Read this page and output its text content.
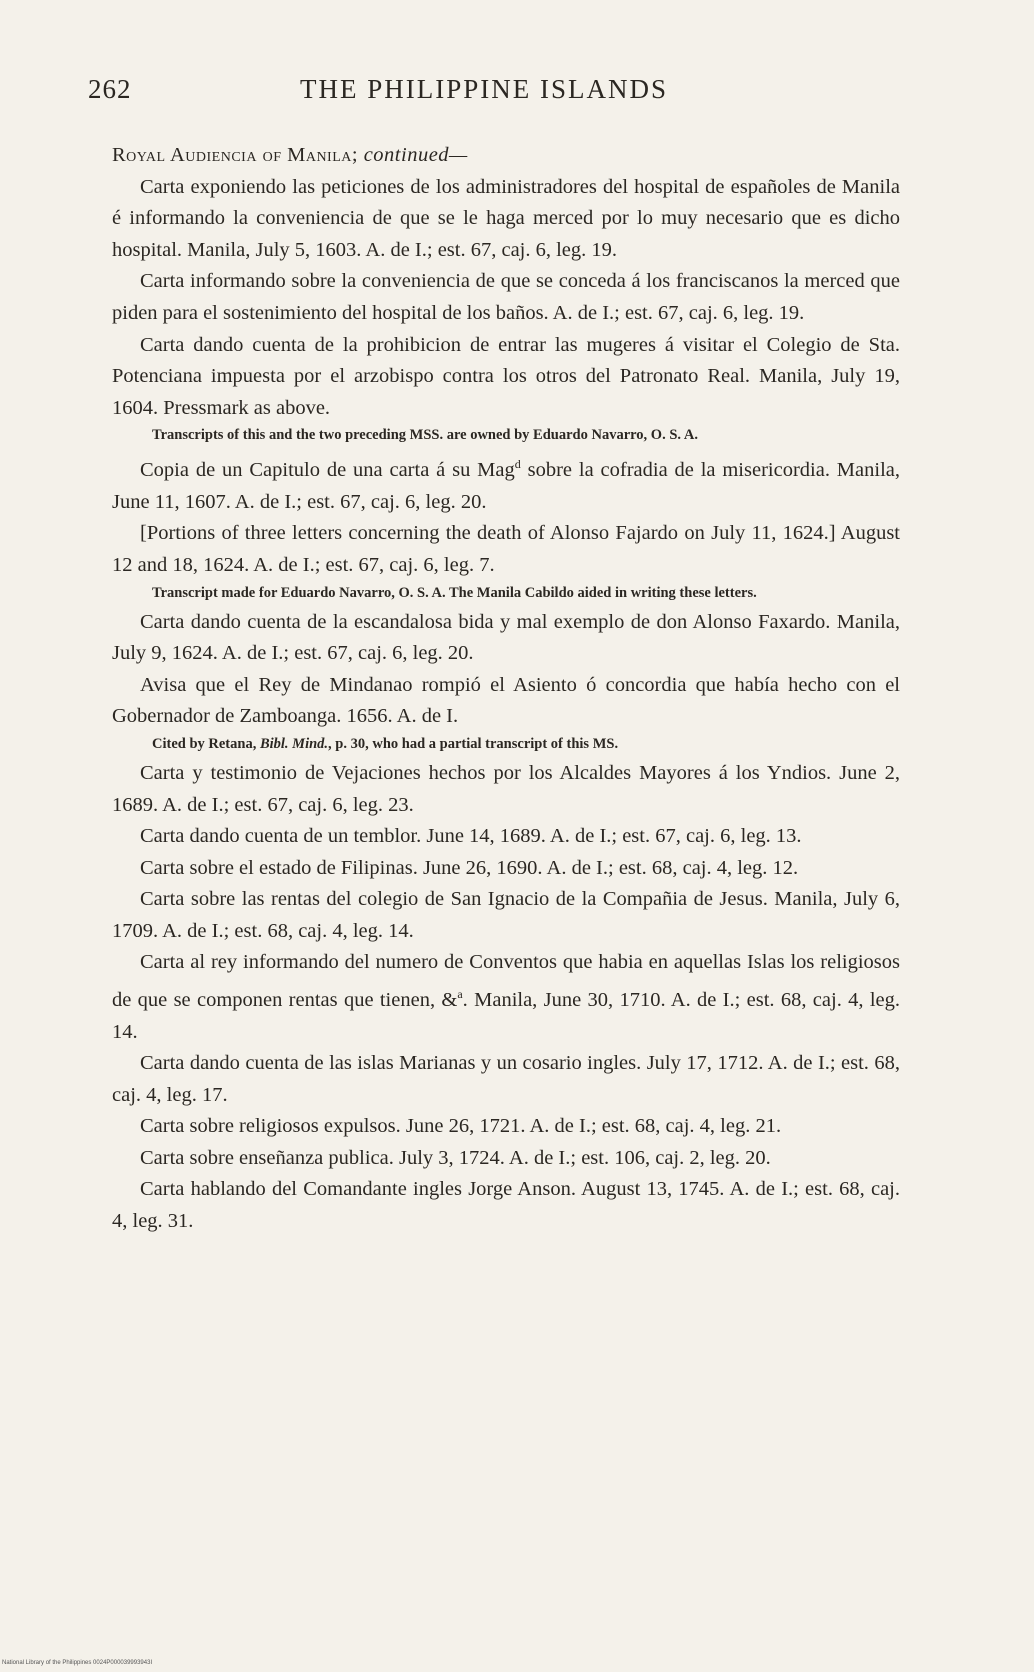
262	THE PHILIPPINE ISLANDS

Royal Audiencia of Manila; continued—

Carta exponiendo las peticiones de los administradores del hospital de españoles de Manila é informando la conveniencia de que se le haga merced por lo muy necesario que es dicho hospital. Manila, July 5, 1603. A. de I.; est. 67, caj. 6, leg. 19.

Carta informando sobre la conveniencia de que se conceda á los franciscanos la merced que piden para el sostenimiento del hospital de los baños. A. de I.; est. 67, caj. 6, leg. 19.

Carta dando cuenta de la prohibicion de entrar las mugeres á visitar el Colegio de Sta. Potenciana impuesta por el arzobispo contra los otros del Patronato Real. Manila, July 19, 1604. Pressmark as above.

Transcripts of this and the two preceding MSS. are owned by Eduardo Navarro, O. S. A.

Copia de un Capitulo de una carta á su Mag$^d$ sobre la cofradia de la misericordia. Manila, June 11, 1607. A. de I.; est. 67, caj. 6, leg. 20.

[Portions of three letters concerning the death of Alonso Fajardo on July 11, 1624.] August 12 and 18, 1624. A. de I.; est. 67, caj. 6, leg. 7.

Transcript made for Eduardo Navarro, O. S. A. The Manila Cabildo aided in writing these letters.

Carta dando cuenta de la escandalosa bida y mal exemplo de don Alonso Faxardo. Manila, July 9, 1624. A. de I.; est. 67, caj. 6, leg. 20.

Avisa que el Rey de Mindanao rompió el Asiento ó concordia que había hecho con el Gobernador de Zamboanga. 1656. A. de I.

Cited by Retana, Bibl. Mind., p. 30, who had a partial transcript of this MS.

Carta y testimonio de Vejaciones hechos por los Alcaldes Mayores á los Yndios. June 2, 1689. A. de I.; est. 67, caj. 6, leg. 23.

Carta dando cuenta de un temblor. June 14, 1689. A. de I.; est. 67, caj. 6, leg. 13.

Carta sobre el estado de Filipinas. June 26, 1690. A. de I.; est. 68, caj. 4, leg. 12.

Carta sobre las rentas del colegio de San Ignacio de la Compañia de Jesus. Manila, July 6, 1709. A. de I.; est. 68, caj. 4, leg. 14.

Carta al rey informando del numero de Conventos que habia en aquellas Islas los religiosos de que se componen rentas que tienen, &$^a$. Manila, June 30, 1710. A. de I.; est. 68, caj. 4, leg. 14.

Carta dando cuenta de las islas Marianas y un cosario ingles. July 17, 1712. A. de I.; est. 68, caj. 4, leg. 17.

Carta sobre religiosos expulsos. June 26, 1721. A. de I.; est. 68, caj. 4, leg. 21.

Carta sobre enseñanza publica. July 3, 1724. A. de I.; est. 106, caj. 2, leg. 20.

Carta hablando del Comandante ingles Jorge Anson. August 13, 1745. A. de I.; est. 68, caj. 4, leg. 31.

National Library of the Philippines 0024P000039993943I
